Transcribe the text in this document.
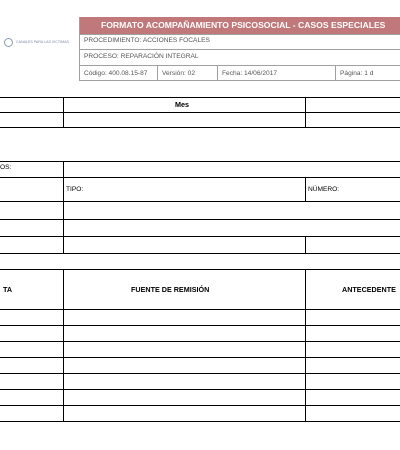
CANALES PARA LAS VICTIMAS
FORMATO ACOMPAÑAMIENTO PSICOSOCIAL - CASOS ESPECIALES
PROCEDIMIENTO: ACCIONES FOCALES
PROCESO: REPARACIÓN INTEGRAL
Código: 400.08.15-87 Versión: 02	Fecha: 14/06/2017	Página: 1 d
Mes
OS:
TIPO:	NÚMERO:
TA	FUENTE DE REMISIÓN	ANTECEDENTE
